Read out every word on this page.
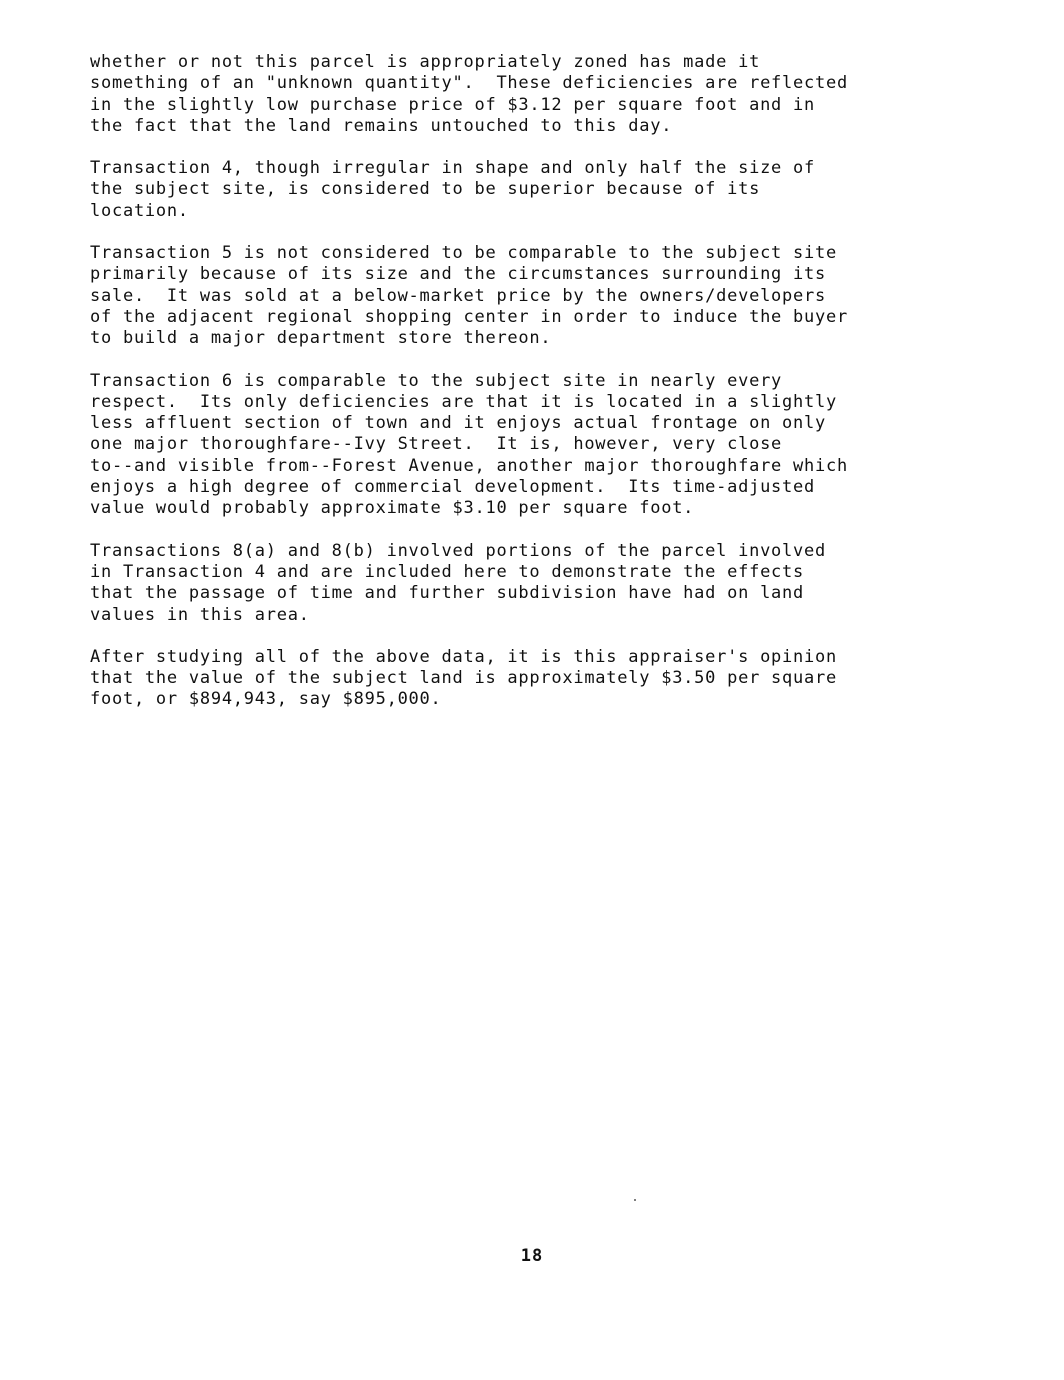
whether or not this parcel is appropriately zoned has made it
something of an "unknown quantity".  These deficiencies are reflected
in the slightly low purchase price of $3.12 per square foot and in
the fact that the land remains untouched to this day.

Transaction 4, though irregular in shape and only half the size of
the subject site, is considered to be superior because of its
location.

Transaction 5 is not considered to be comparable to the subject site
primarily because of its size and the circumstances surrounding its
sale.  It was sold at a below-market price by the owners/developers
of the adjacent regional shopping center in order to induce the buyer
to build a major department store thereon.

Transaction 6 is comparable to the subject site in nearly every
respect.  Its only deficiencies are that it is located in a slightly
less affluent section of town and it enjoys actual frontage on only
one major thoroughfare--Ivy Street.  It is, however, very close
to--and visible from--Forest Avenue, another major thoroughfare which
enjoys a high degree of commercial development.  Its time-adjusted
value would probably approximate $3.10 per square foot.

Transactions 8(a) and 8(b) involved portions of the parcel involved
in Transaction 4 and are included here to demonstrate the effects
that the passage of time and further subdivision have had on land
values in this area.

After studying all of the above data, it is this appraiser's opinion
that the value of the subject land is approximately $3.50 per square
foot, or $894,943, say $895,000.

18
